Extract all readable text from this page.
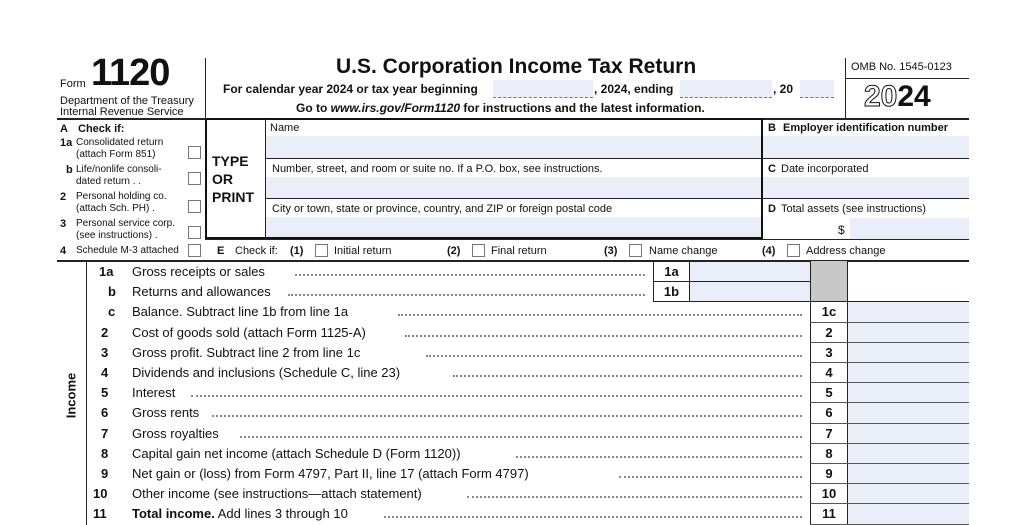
Form 1120
Department of the Treasury
Internal Revenue Service
U.S. Corporation Income Tax Return
For calendar year 2024 or tax year beginning	, 2024, ending	, 20
Go to www.irs.gov/Form1120 for instructions and the latest information.
OMB No. 1545-0123
2024
A Check if:
1a Consolidated return
(attach Form 851)
b Life/nonlife consoli-
dated return . .
2 Personal holding co.
(attach Sch. PH) .
3 Personal service corp.
(see instructions) .
4 Schedule M-3 attached
TYPE
OR
PRINT
Name
Number, street, and room or suite no. If a P.O. box, see instructions.
City or town, state or province, country, and ZIP or foreign postal code
B Employer identification number
C Date incorporated
D Total assets (see instructions)
$
E Check if: (1)	Initial return	(2)	Final return	(3)	Name change	(4)	Address change
Income
1a Gross receipts or sales	1a
b Returns and allowances	1b
c Balance. Subtract line 1b from line 1a	1c
2 Cost of goods sold (attach Form 1125-A)	2
3 Gross profit. Subtract line 2 from line 1c	3
4 Dividends and inclusions (Schedule C, line 23)	4
5 Interest	5
6 Gross rents	6
7 Gross royalties	7
8 Capital gain net income (attach Schedule D (Form 1120))	8
9 Net gain or (loss) from Form 4797, Part II, line 17 (attach Form 4797)	9
10 Other income (see instructions—attach statement)	10
11 Total income. Add lines 3 through 10	11
